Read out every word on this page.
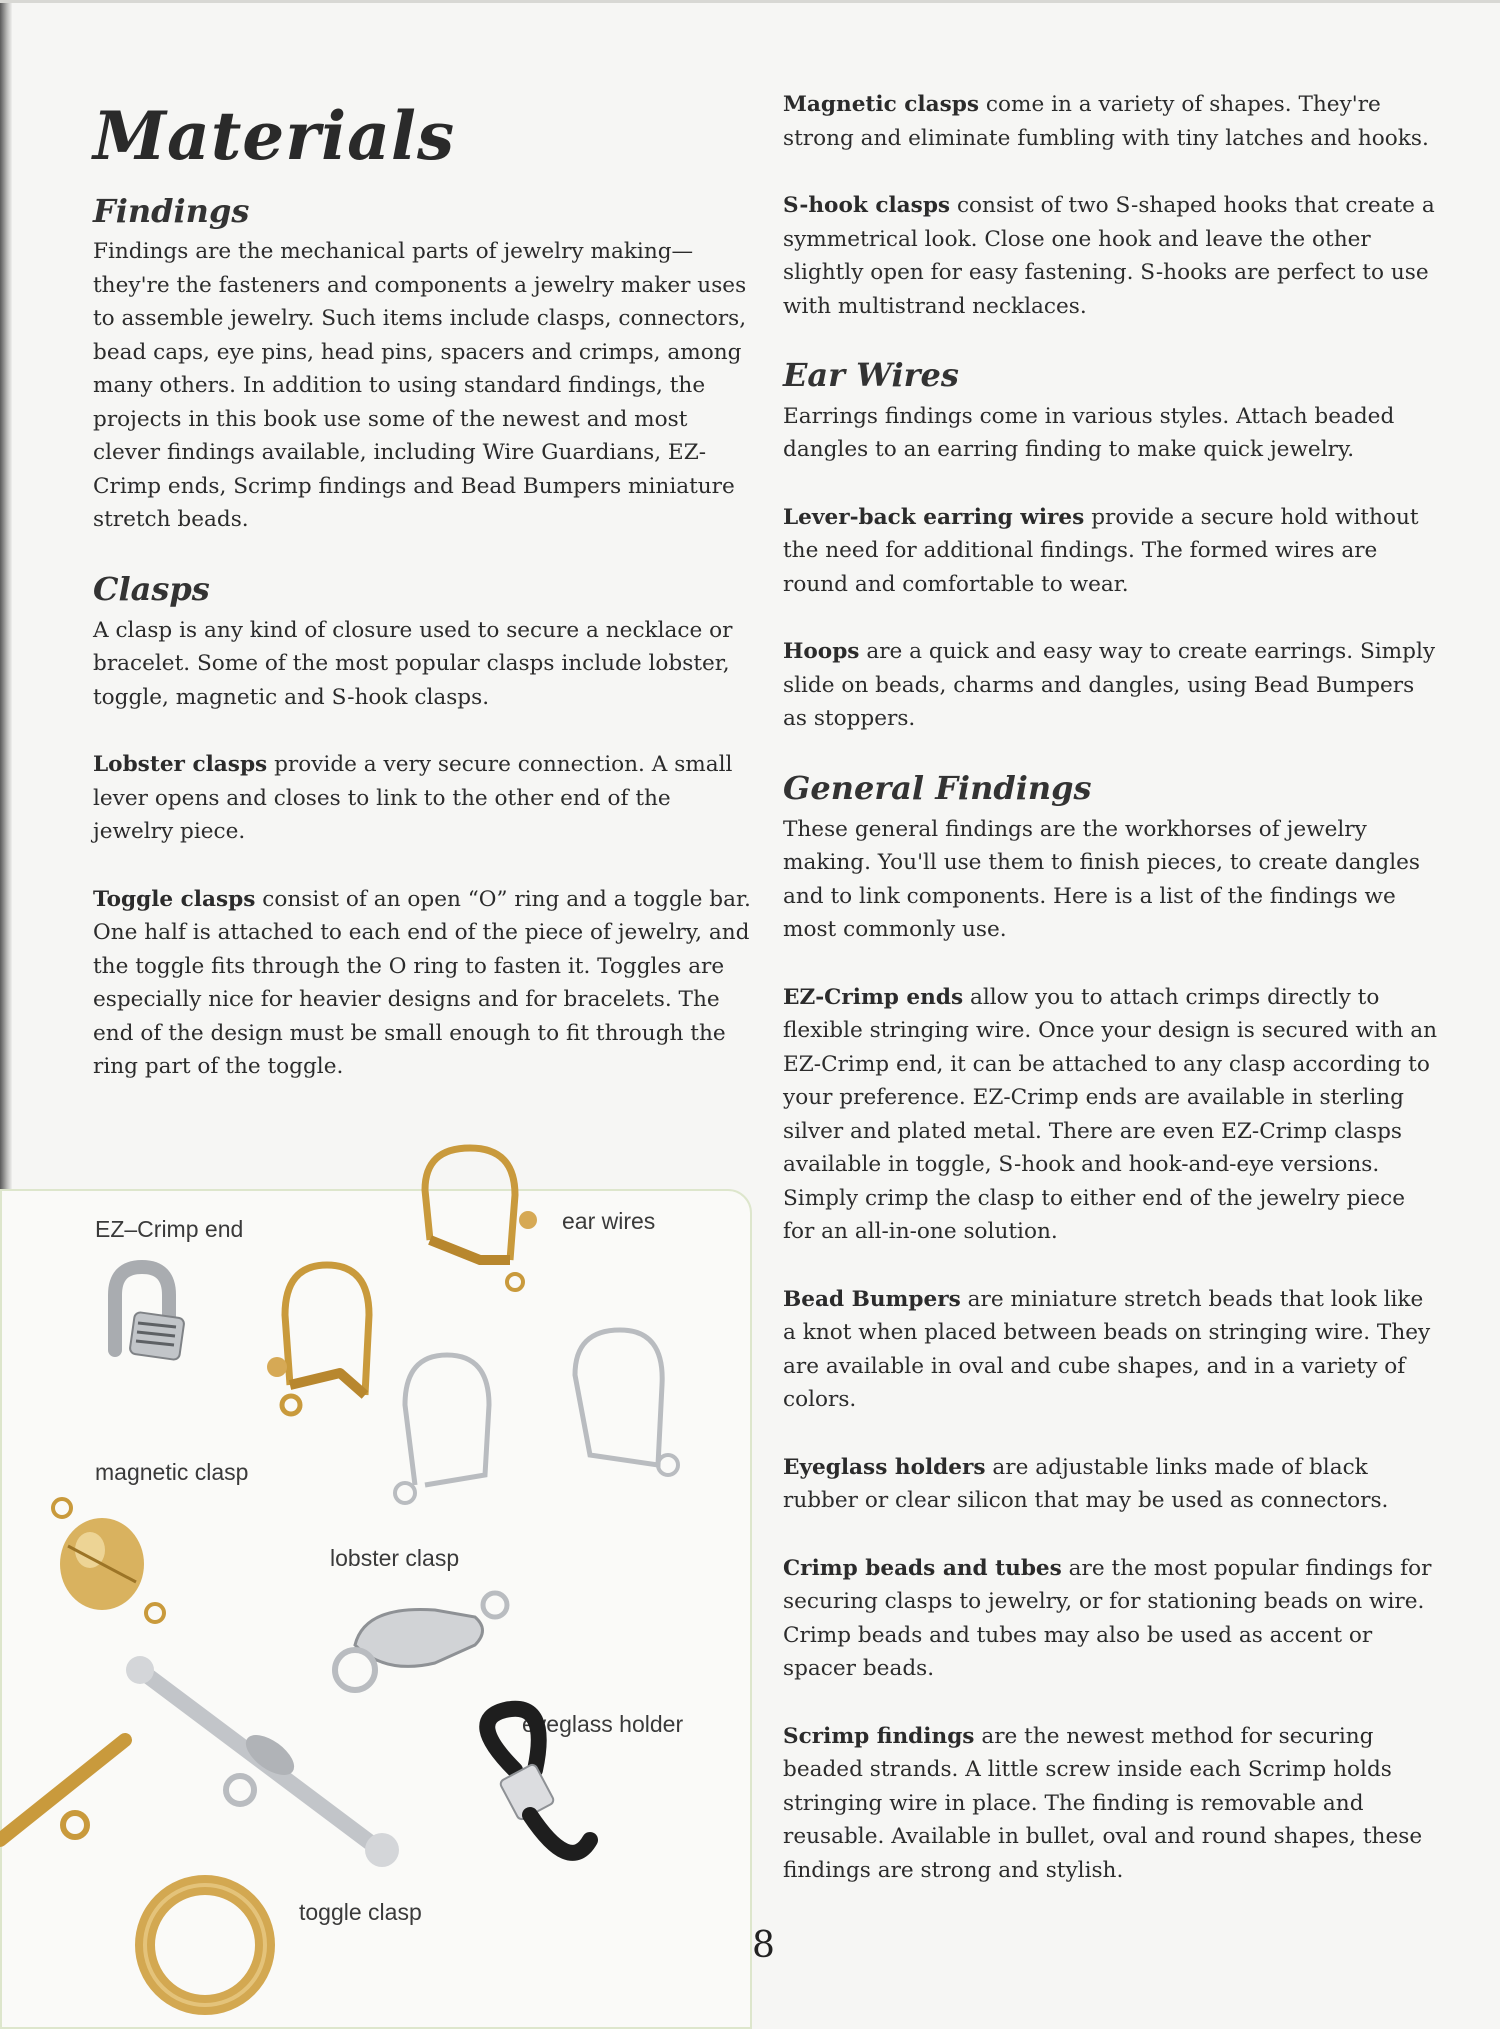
Materials
Findings

Findings are the mechanical parts of jewelry making—they're the fasteners and components a jewelry maker uses to assemble jewelry. Such items include clasps, connectors, bead caps, eye pins, head pins, spacers and crimps, among many others. In addition to using standard findings, the projects in this book use some of the newest and most clever findings available, including Wire Guardians, EZ-Crimp ends, Scrimp findings and Bead Bumpers miniature stretch beads.

Clasps

A clasp is any kind of closure used to secure a necklace or bracelet. Some of the most popular clasps include lobster, toggle, magnetic and S-hook clasps.

Lobster clasps provide a very secure connection. A small lever opens and closes to link to the other end of the jewelry piece.

Toggle clasps consist of an open “O” ring and a toggle bar. One half is attached to each end of the piece of jewelry, and the toggle fits through the O ring to fasten it. Toggles are especially nice for heavier designs and for bracelets. The end of the design must be small enough to fit through the ring part of the toggle.

Magnetic clasps come in a variety of shapes. They're strong and eliminate fumbling with tiny latches and hooks.

S-hook clasps consist of two S-shaped hooks that create a symmetrical look. Close one hook and leave the other slightly open for easy fastening. S-hooks are perfect to use with multistrand necklaces.

Ear Wires

Earrings findings come in various styles. Attach beaded dangles to an earring finding to make quick jewelry.

Lever-back earring wires provide a secure hold without the need for additional findings. The formed wires are round and comfortable to wear.

Hoops are a quick and easy way to create earrings. Simply slide on beads, charms and dangles, using Bead Bumpers as stoppers.

General Findings

These general findings are the workhorses of jewelry making. You'll use them to finish pieces, to create dangles and to link components. Here is a list of the findings we most commonly use.

EZ-Crimp ends allow you to attach crimps directly to flexible stringing wire. Once your design is secured with an EZ-Crimp end, it can be attached to any clasp according to your preference. EZ-Crimp ends are available in sterling silver and plated metal. There are even EZ-Crimp clasps available in toggle, S-hook and hook-and-eye versions. Simply crimp the clasp to either end of the jewelry piece for an all-in-one solution.

Bead Bumpers are miniature stretch beads that look like a knot when placed between beads on stringing wire. They are available in oval and cube shapes, and in a variety of colors.

Eyeglass holders are adjustable links made of black rubber or clear silicon that may be used as connectors.

Crimp beads and tubes are the most popular findings for securing clasps to jewelry, or for stationing beads on wire. Crimp beads and tubes may also be used as accent or spacer beads.

Scrimp findings are the newest method for securing beaded strands. A little screw inside each Scrimp holds stringing wire in place. The finding is removable and reusable. Available in bullet, oval and round shapes, these findings are strong and stylish.

EZ–Crimp end	ear wires
magnetic clasp
lobster clasp
eyeglass holder
toggle clasp
8
